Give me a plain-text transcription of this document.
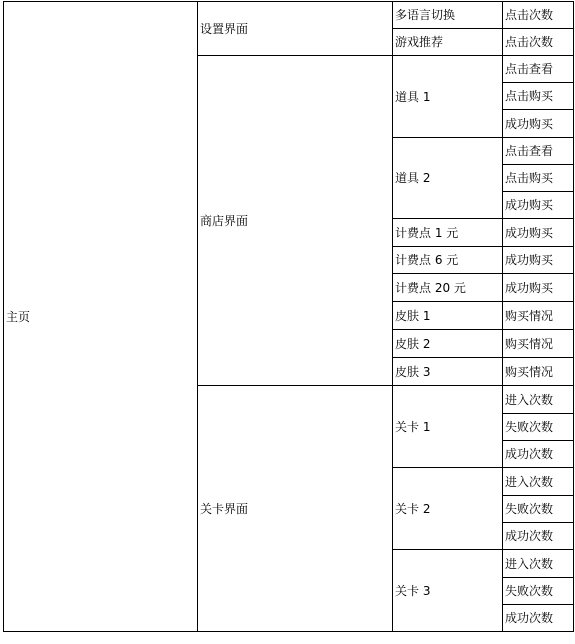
主页	设置界面	多语言切换	点击次数
		游戏推荐	点击次数
	商店界面	道具 1	点击查看
			点击购买
			成功购买
		道具 2	点击查看
			点击购买
			成功购买
		计费点 1 元	成功购买
		计费点 6 元	成功购买
		计费点 20 元	成功购买
		皮肤 1	购买情况
		皮肤 2	购买情况
		皮肤 3	购买情况
	关卡界面	关卡 1	进入次数
			失败次数
			成功次数
		关卡 2	进入次数
			失败次数
			成功次数
		关卡 3	进入次数
			失败次数
			成功次数
